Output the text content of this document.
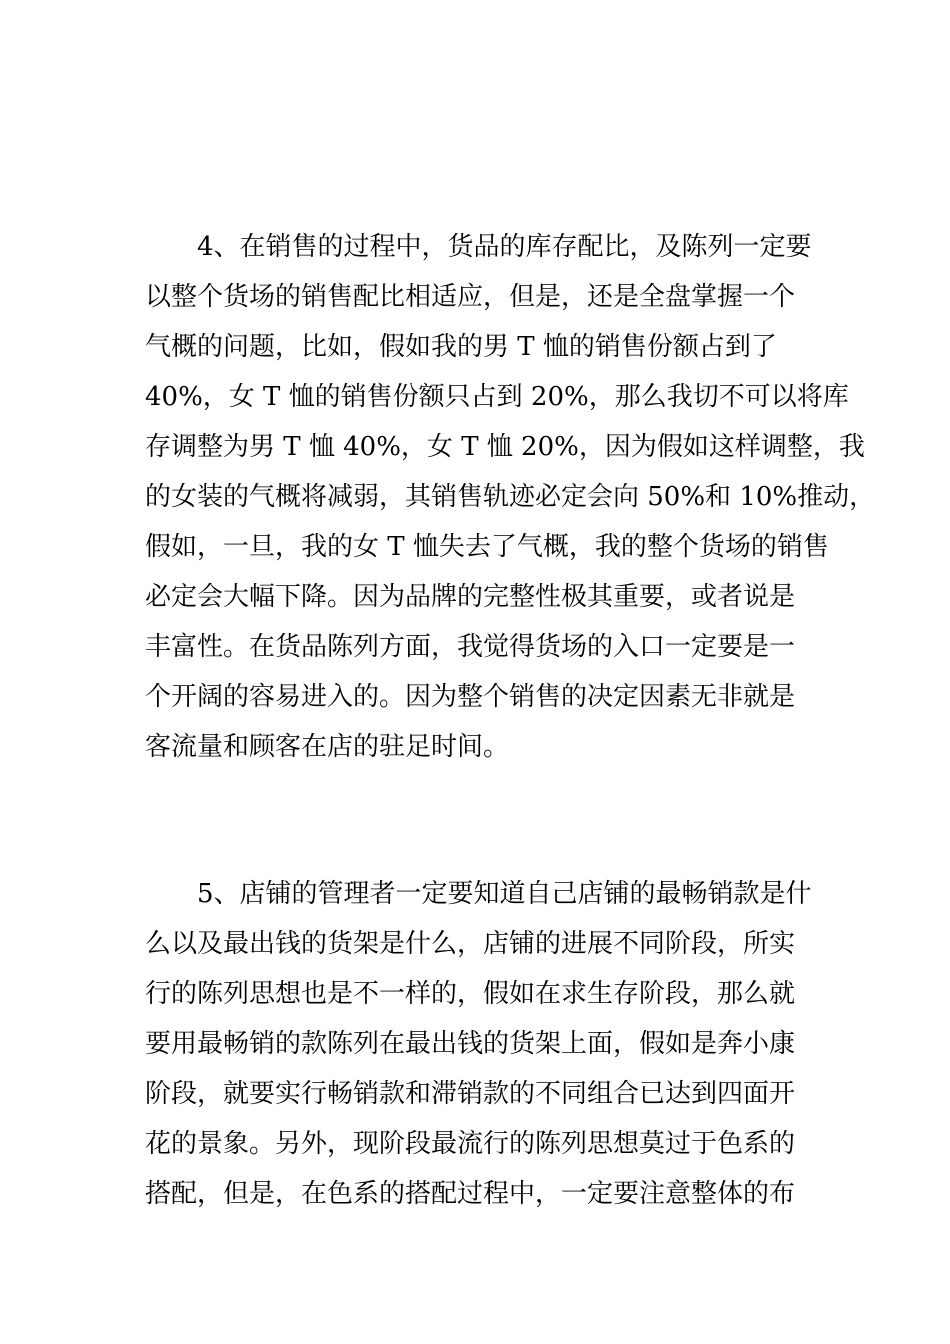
4、在销售的过程中，货品的库存配比，及陈列一定要
以整个货场的销售配比相适应，但是，还是全盘掌握一个
气概的问题，比如，假如我的男 T 恤的销售份额占到了
40%，女 T 恤的销售份额只占到 20%，那么我切不可以将库
存调整为男 T 恤 40%，女 T 恤 20%，因为假如这样调整，我
的女装的气概将减弱，其销售轨迹必定会向 50%和 10%推动，
假如，一旦，我的女 T 恤失去了气概，我的整个货场的销售
必定会大幅下降。因为品牌的完整性极其重要，或者说是
丰富性。在货品陈列方面，我觉得货场的入口一定要是一
个开阔的容易进入的。因为整个销售的决定因素无非就是
客流量和顾客在店的驻足时间。
5、店铺的管理者一定要知道自己店铺的最畅销款是什
么以及最出钱的货架是什么，店铺的进展不同阶段，所实
行的陈列思想也是不一样的，假如在求生存阶段，那么就
要用最畅销的款陈列在最出钱的货架上面，假如是奔小康
阶段，就要实行畅销款和滞销款的不同组合已达到四面开
花的景象。另外，现阶段最流行的陈列思想莫过于色系的
搭配，但是，在色系的搭配过程中，一定要注意整体的布
